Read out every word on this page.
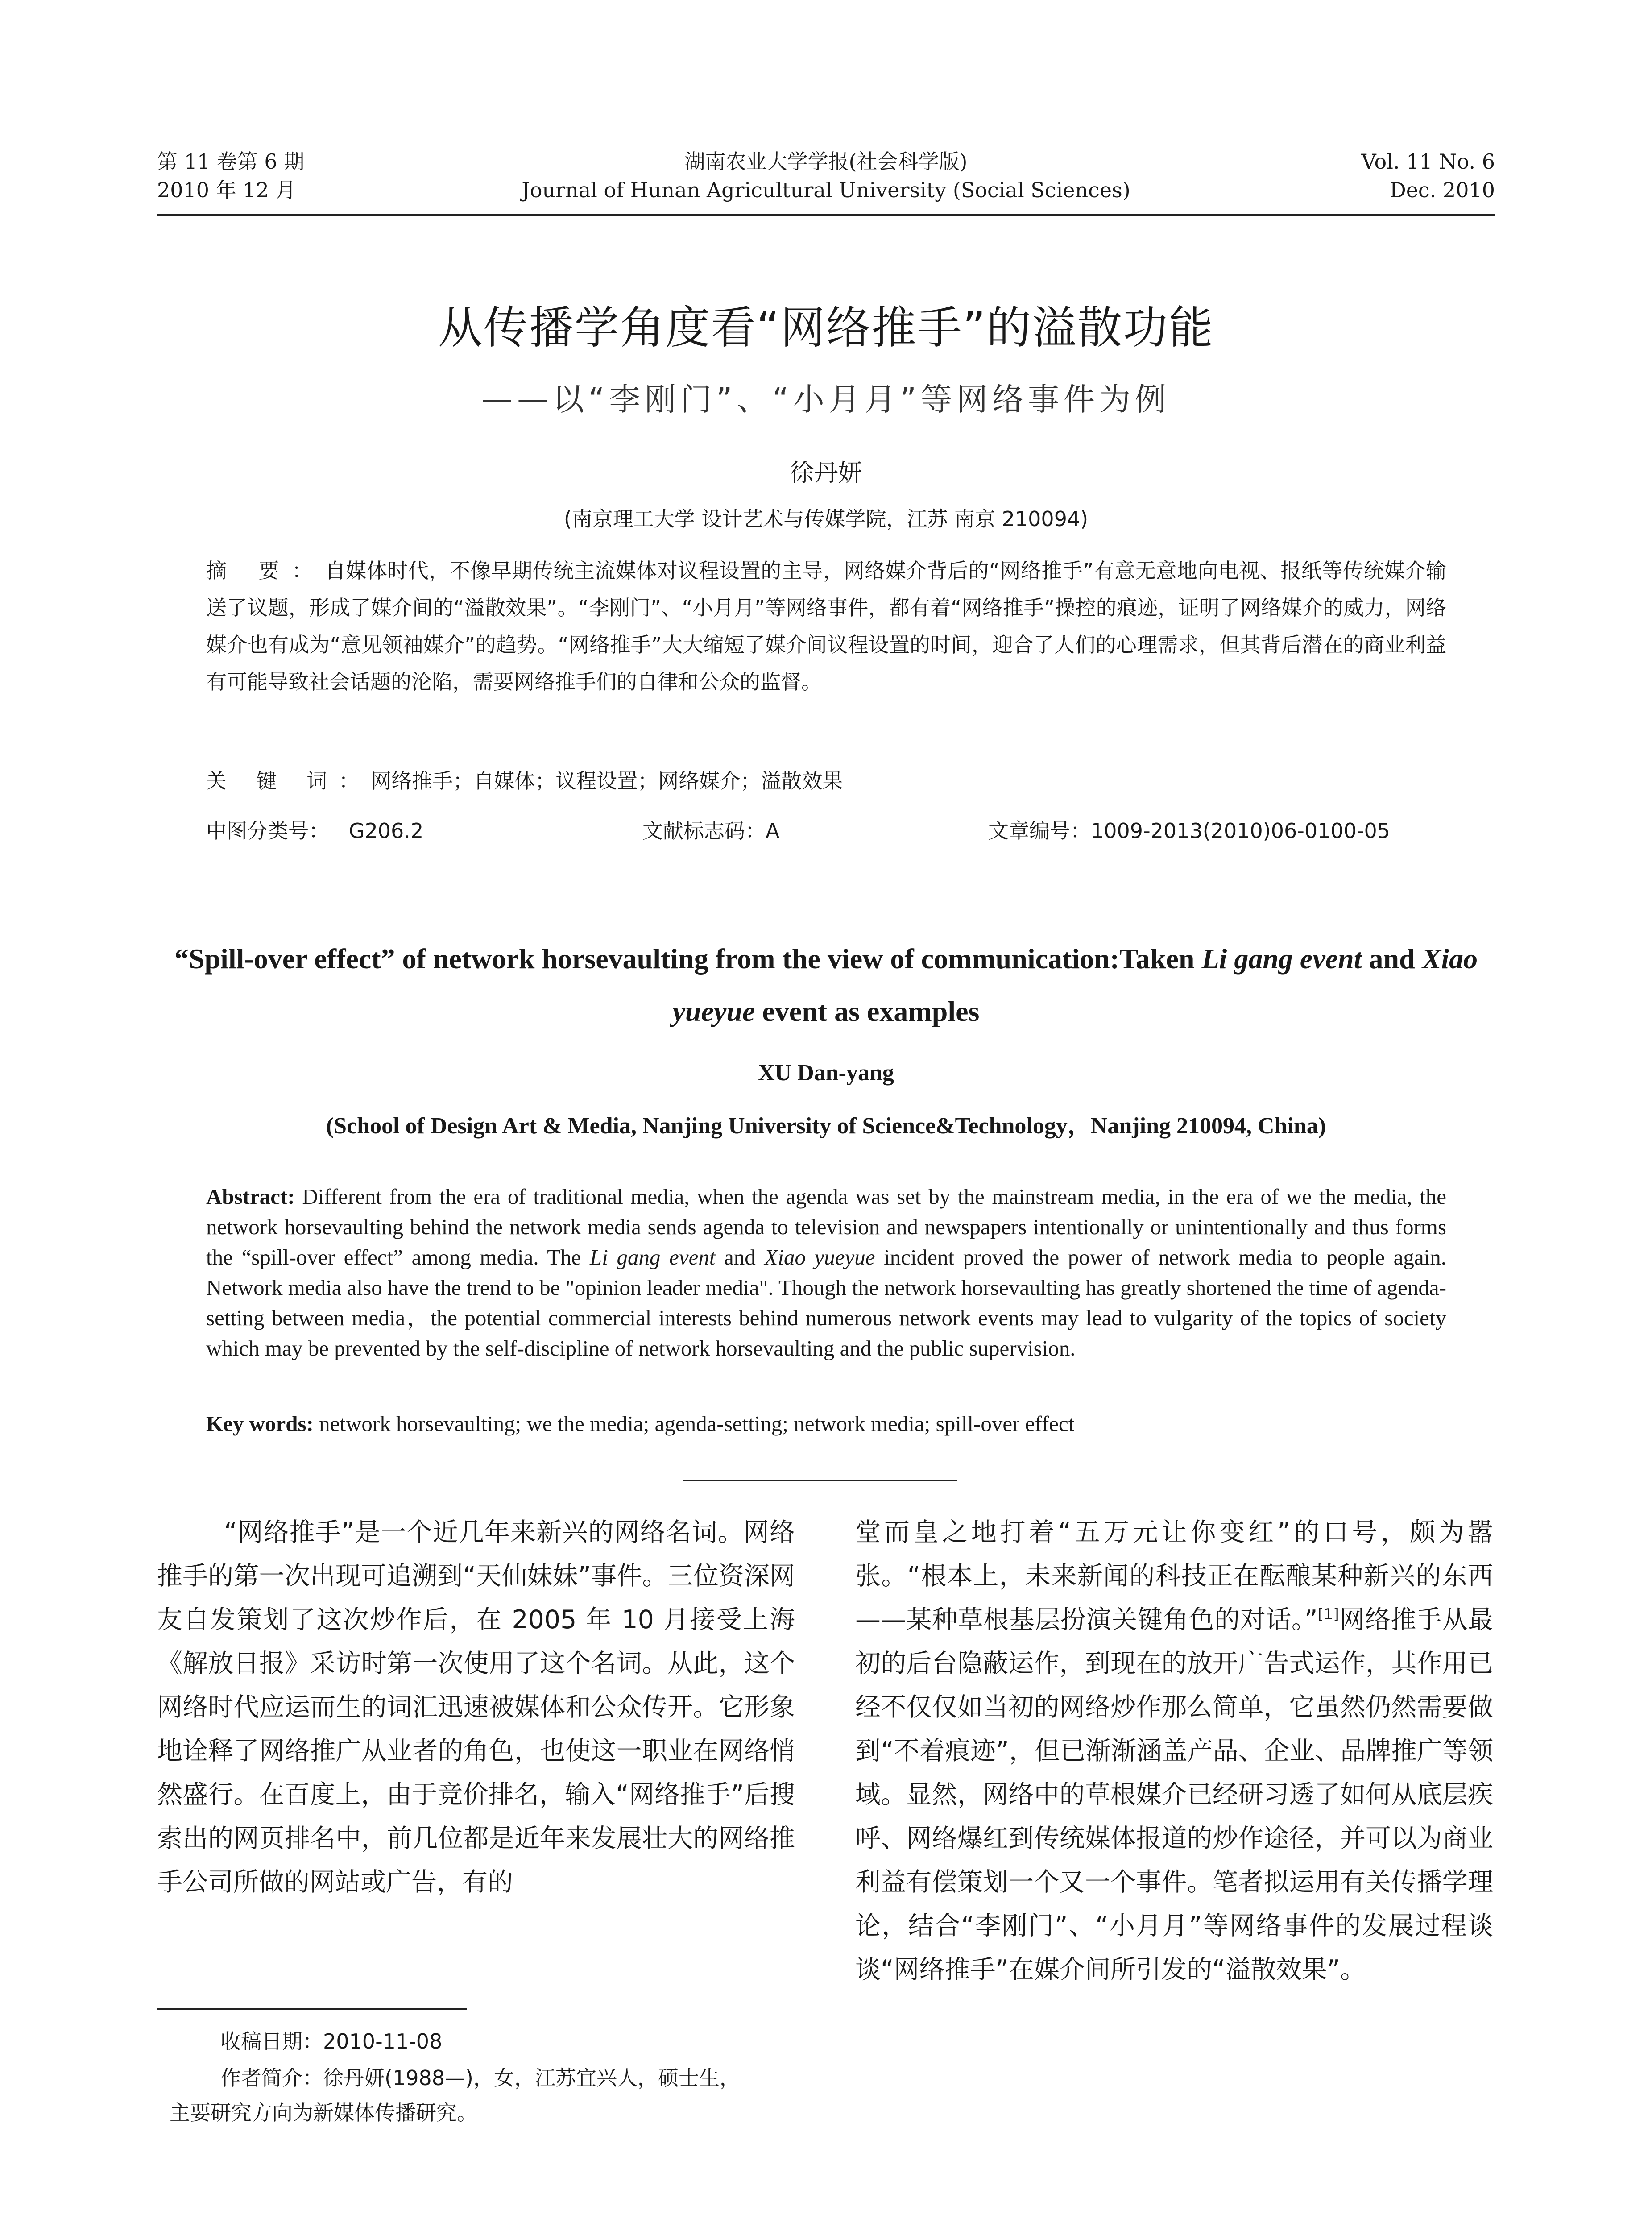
第 11 卷第 6 期
2010 年 12 月
湖南农业大学学报(社会科学版)
Journal of Hunan Agricultural University (Social Sciences)
Vol. 11 No. 6
Dec. 2010
从传播学角度看“网络推手”的溢散功能
——以“李刚门”、“小月月”等网络事件为例
徐丹妍
(南京理工大学 设计艺术与传媒学院，江苏 南京 210094)
摘 要：自媒体时代，不像早期传统主流媒体对议程设置的主导，网络媒介背后的“网络推手”有意无意地向电视、报纸等传统媒介输送了议题，形成了媒介间的“溢散效果”。“李刚门”、“小月月”等网络事件，都有着“网络推手”操控的痕迹，证明了网络媒介的威力，网络媒介也有成为“意见领袖媒介”的趋势。“网络推手”大大缩短了媒介间议程设置的时间，迎合了人们的心理需求，但其背后潜在的商业利益有可能导致社会话题的沦陷，需要网络推手们的自律和公众的监督。
关 键 词：网络推手；自媒体；议程设置；网络媒介；溢散效果
中图分类号： G206.2	文献标志码：A	文章编号：1009-2013(2010)06-0100-05
“Spill-over effect” of network horsevaulting from the view of communication:Taken Li gang event and Xiao yueyue event as examples
XU Dan-yang
(School of Design Art & Media, Nanjing University of Science&Technology，Nanjing 210094, China)
Abstract: Different from the era of traditional media, when the agenda was set by the mainstream media, in the era of we the media, the network horsevaulting behind the network media sends agenda to television and newspapers intentionally or unintentionally and thus forms the “spill-over effect” among media. The Li gang event and Xiao yueyue incident proved the power of network media to people again. Network media also have the trend to be "opinion leader media". Though the network horsevaulting has greatly shortened the time of agenda-setting between media，the potential commercial interests behind numerous network events may lead to vulgarity of the topics of society which may be prevented by the self-discipline of network horsevaulting and the public supervision.
Key words: network horsevaulting; we the media; agenda-setting; network media; spill-over effect
“网络推手”是一个近几年来新兴的网络名词。网络推手的第一次出现可追溯到“天仙妹妹”事件。三位资深网友自发策划了这次炒作后，在 2005 年 10 月接受上海《解放日报》采访时第一次使用了这个名词。从此，这个网络时代应运而生的词汇迅速被媒体和公众传开。它形象地诠释了网络推广从业者的角色，也使这一职业在网络悄然盛行。在百度上，由于竞价排名，输入“网络推手”后搜索出的网页排名中，前几位都是近年来发展壮大的网络推手公司所做的网站或广告，有的
堂而皇之地打着“五万元让你变红”的口号，颇为嚣张。“根本上，未来新闻的科技正在酝酿某种新兴的东西——某种草根基层扮演关键角色的对话。”[1]网络推手从最初的后台隐蔽运作，到现在的放开广告式运作，其作用已经不仅仅如当初的网络炒作那么简单，它虽然仍然需要做到“不着痕迹”，但已渐渐涵盖产品、企业、品牌推广等领域。显然，网络中的草根媒介已经研习透了如何从底层疾呼、网络爆红到传统媒体报道的炒作途径，并可以为商业利益有偿策划一个又一个事件。笔者拟运用有关传播学理论，结合“李刚门”、“小月月”等网络事件的发展过程谈谈“网络推手”在媒介间所引发的“溢散效果”。
收稿日期：2010-11-08
作者简介：徐丹妍(1988—)，女，江苏宜兴人，硕士生，
主要研究方向为新媒体传播研究。
